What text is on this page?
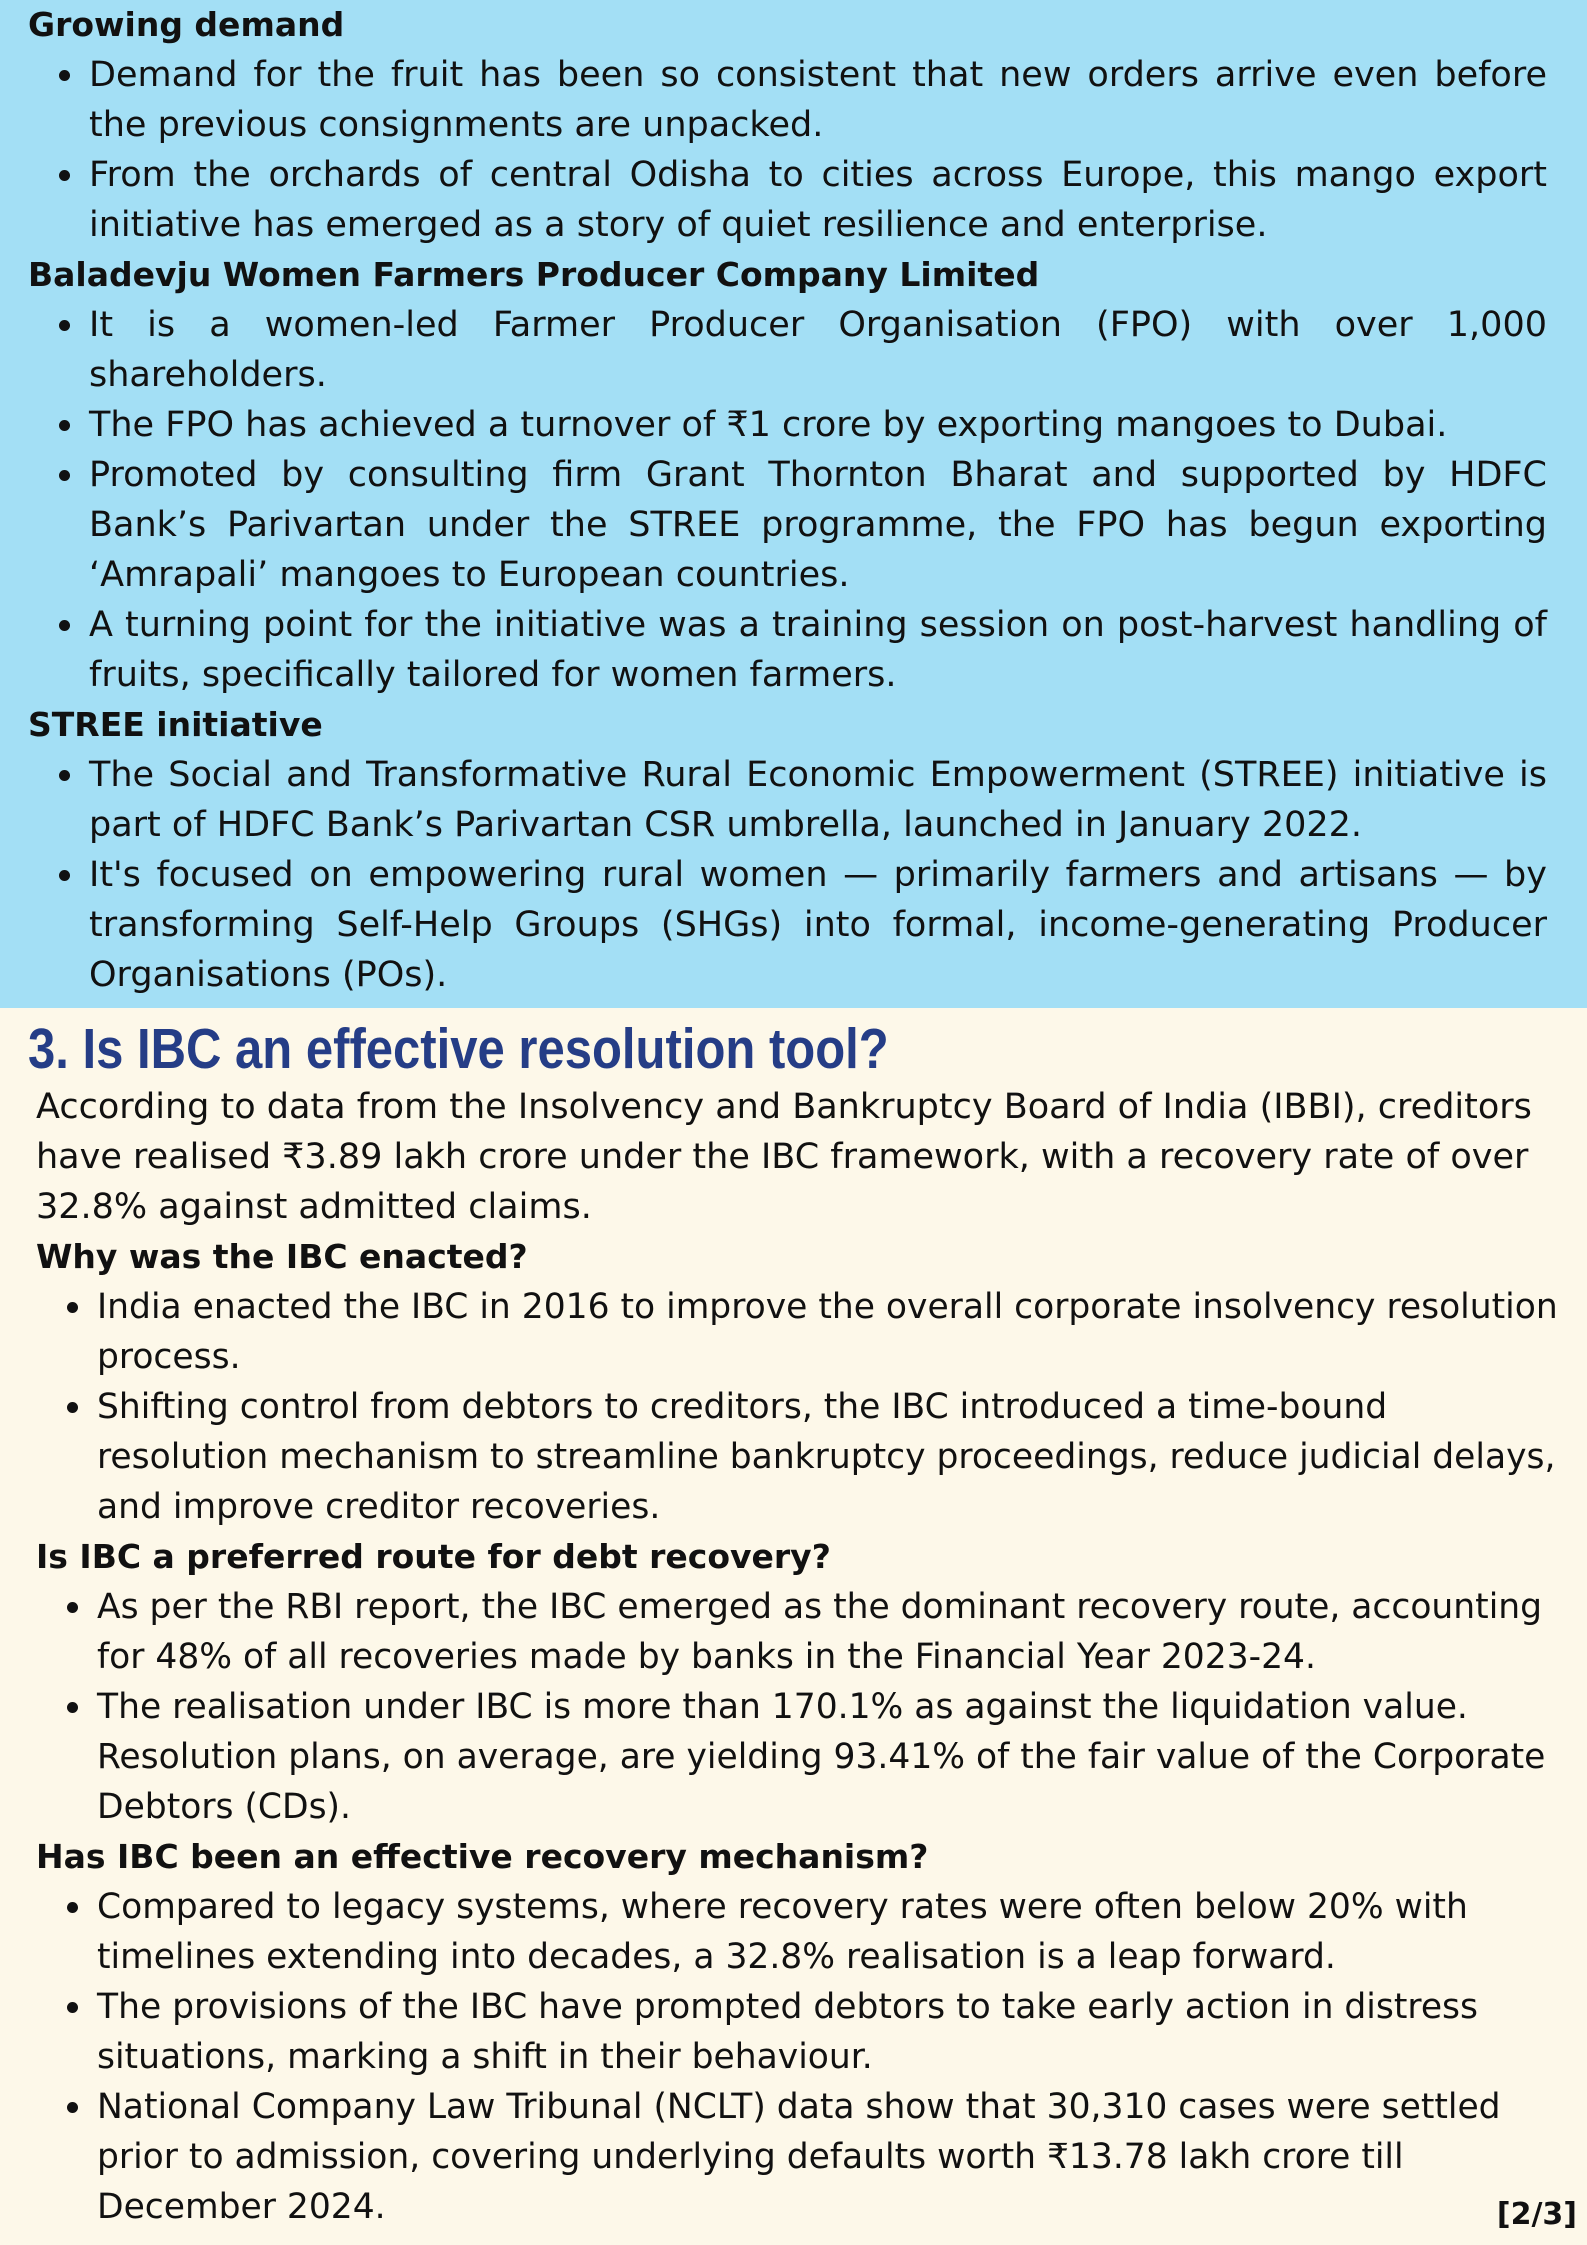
Growing demand
Demand for the fruit has been so consistent that new orders arrive even before the previous consignments are unpacked.
From the orchards of central Odisha to cities across Europe, this mango export initiative has emerged as a story of quiet resilience and enterprise.
Baladevju Women Farmers Producer Company Limited
It is a women-led Farmer Producer Organisation (FPO) with over 1,000 shareholders.
The FPO has achieved a turnover of ₹1 crore by exporting mangoes to Dubai.
Promoted by consulting firm Grant Thornton Bharat and supported by HDFC Bank’s Parivartan under the STREE programme, the FPO has begun exporting ‘Amrapali’ mangoes to European countries.
A turning point for the initiative was a training session on post-harvest handling of fruits, specifically tailored for women farmers.
STREE initiative
The Social and Transformative Rural Economic Empowerment (STREE) initiative is part of HDFC Bank’s Parivartan CSR umbrella, launched in January 2022.
It's focused on empowering rural women — primarily farmers and artisans — by transforming Self-Help Groups (SHGs) into formal, income-generating Producer Organisations (POs).
3. Is IBC an effective resolution tool?

According to data from the Insolvency and Bankruptcy Board of India (IBBI), creditors have realised ₹3.89 lakh crore under the IBC framework, with a recovery rate of over 32.8% against admitted claims.

Why was the IBC enacted?
India enacted the IBC in 2016 to improve the overall corporate insolvency resolution process.
Shifting control from debtors to creditors, the IBC introduced a time-bound resolution mechanism to streamline bankruptcy proceedings, reduce judicial delays, and improve creditor recoveries.
Is IBC a preferred route for debt recovery?
As per the RBI report, the IBC emerged as the dominant recovery route, accounting for 48% of all recoveries made by banks in the Financial Year 2023-24.
The realisation under IBC is more than 170.1% as against the liquidation value. Resolution plans, on average, are yielding 93.41% of the fair value of the Corporate Debtors (CDs).
Has IBC been an effective recovery mechanism?
Compared to legacy systems, where recovery rates were often below 20% with timelines extending into decades, a 32.8% realisation is a leap forward.
The provisions of the IBC have prompted debtors to take early action in distress situations, marking a shift in their behaviour.
National Company Law Tribunal (NCLT) data show that 30,310 cases were settled prior to admission, covering underlying defaults worth ₹13.78 lakh crore till December 2024.	[2/3]
